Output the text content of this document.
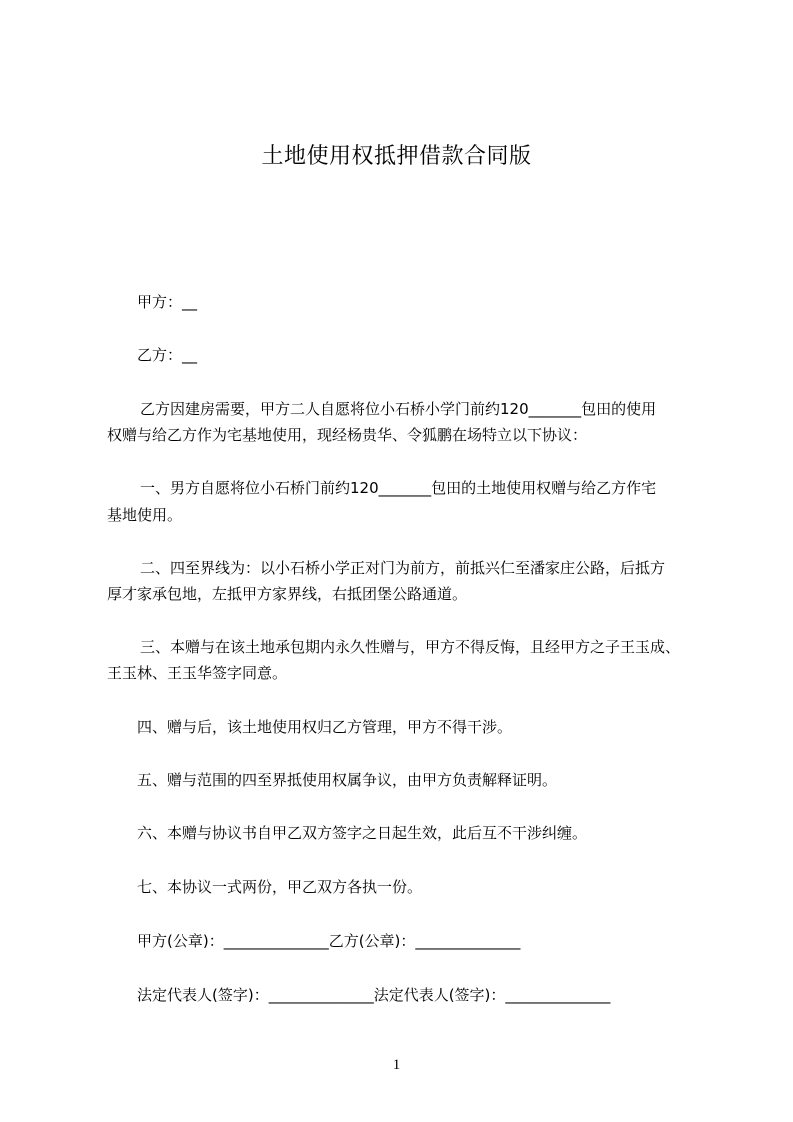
土地使用权抵押借款合同版
甲方：__
乙方：__
乙方因建房需要，甲方二人自愿将位小石桥小学门前约120_______包田的使用
权赠与给乙方作为宅基地使用，现经杨贵华、令狐鹏在场特立以下协议：
一、男方自愿将位小石桥门前约120_______包田的土地使用权赠与给乙方作宅
基地使用。
二、四至界线为：以小石桥小学正对门为前方，前抵兴仁至潘家庄公路，后抵方
厚才家承包地，左抵甲方家界线，右抵团堡公路通道。
三、本赠与在该土地承包期内永久性赠与，甲方不得反悔，且经甲方之子王玉成、
王玉林、王玉华签字同意。
四、赠与后，该土地使用权归乙方管理，甲方不得干涉。
五、赠与范围的四至界抵使用权属争议，由甲方负责解释证明。
六、本赠与协议书自甲乙双方签字之日起生效，此后互不干涉纠缠。
七、本协议一式两份，甲乙双方各执一份。
甲方(公章)：______________乙方(公章)：______________
法定代表人(签字)：______________法定代表人(签字)：______________
1
